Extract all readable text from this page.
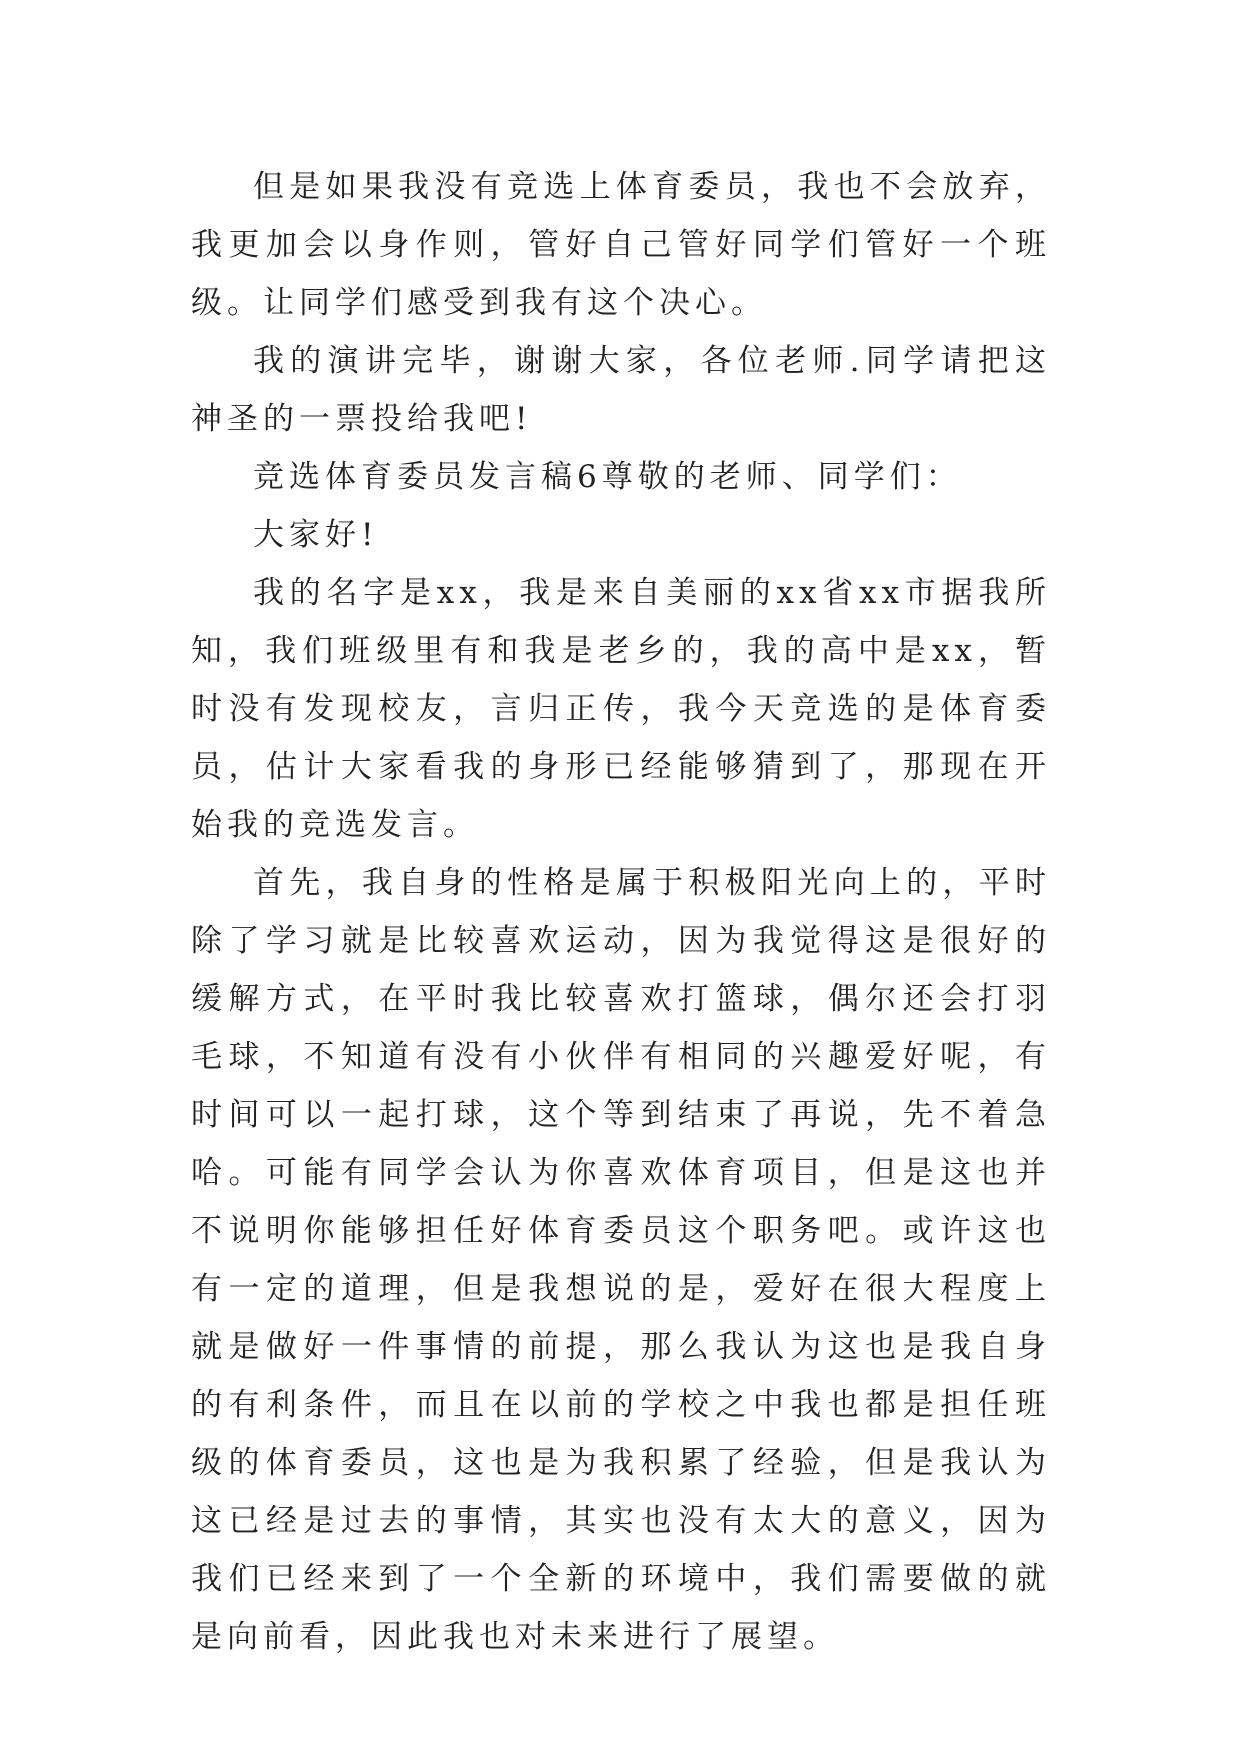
但是如果我没有竞选上体育委员，我也不会放弃，我更加会以身作则，管好自己管好同学们管好一个班级。让同学们感受到我有这个决心。

我的演讲完毕，谢谢大家，各位老师.同学请把这神圣的一票投给我吧!

竞选体育委员发言稿6尊敬的老师、同学们：

大家好!

我的名字是xx，我是来自美丽的xx省xx市据我所知，我们班级里有和我是老乡的，我的高中是xx，暂时没有发现校友，言归正传，我今天竞选的是体育委员，估计大家看我的身形已经能够猜到了，那现在开始我的竞选发言。

首先，我自身的性格是属于积极阳光向上的，平时除了学习就是比较喜欢运动，因为我觉得这是很好的缓解方式，在平时我比较喜欢打篮球，偶尔还会打羽毛球，不知道有没有小伙伴有相同的兴趣爱好呢，有时间可以一起打球，这个等到结束了再说，先不着急哈。可能有同学会认为你喜欢体育项目，但是这也并不说明你能够担任好体育委员这个职务吧。或许这也有一定的道理，但是我想说的是，爱好在很大程度上就是做好一件事情的前提，那么我认为这也是我自身的有利条件，而且在以前的学校之中我也都是担任班级的体育委员，这也是为我积累了经验，但是我认为这已经是过去的事情，其实也没有太大的意义，因为我们已经来到了一个全新的环境中，我们需要做的就是向前看，因此我也对未来进行了展望。
